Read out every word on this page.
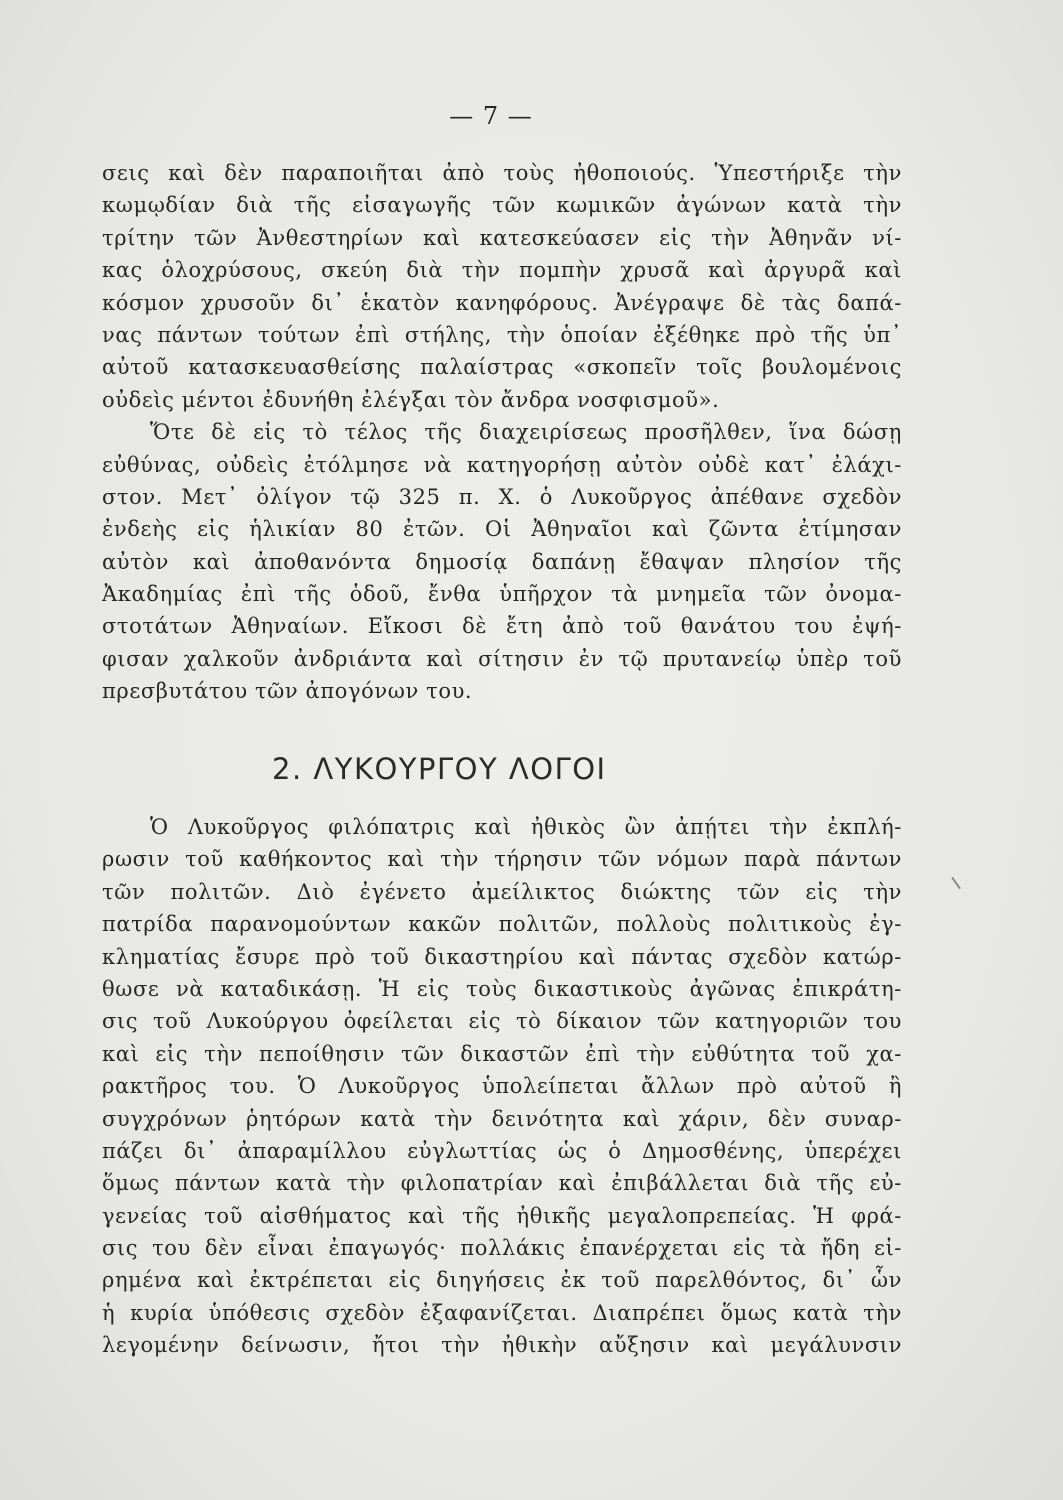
— 7 —
σεις καὶ δὲν παραποιῆται ἀπὸ τοὺς ἠθοποιούς. Ὑπεστήριξε τὴν
κωμῳδίαν διὰ τῆς εἰσαγωγῆς τῶν κωμικῶν ἀγώνων κατὰ τὴν
τρίτην τῶν Ἀνθεστηρίων καὶ κατεσκεύασεν εἰς τὴν Ἀθηνᾶν νί-
κας ὁλοχρύσους, σκεύη διὰ τὴν πομπὴν χρυσᾶ καὶ ἀργυρᾶ καὶ
κόσμον χρυσοῦν δι᾽ ἑκατὸν κανηφόρους. Ἀνέγραψε δὲ τὰς δαπά-
νας πάντων τούτων ἐπὶ στήλης, τὴν ὁποίαν ἐξέθηκε πρὸ τῆς ὑπ᾽
αὐτοῦ κατασκευασθείσης παλαίστρας «σκοπεῖν τοῖς βουλομένοις
οὐδεὶς μέντοι ἐδυνήθη ἐλέγξαι τὸν ἄνδρα νοσφισμοῦ».
Ὅτε δὲ εἰς τὸ τέλος τῆς διαχειρίσεως προσῆλθεν, ἵνα δώσῃ
εὐθύνας, οὐδεὶς ἐτόλμησε νὰ κατηγορήσῃ αὐτὸν οὐδὲ κατ᾽ ἐλάχι-
στον. Μετ᾽ ὀλίγον τῷ 325 π. Χ. ὁ Λυκοῦργος ἀπέθανε σχεδὸν
ἐνδεὴς εἰς ἡλικίαν 80 ἐτῶν. Οἱ Ἀθηναῖοι καὶ ζῶντα ἐτίμησαν
αὐτὸν καὶ ἀποθανόντα δημοσίᾳ δαπάνῃ ἔθαψαν πλησίον τῆς
Ἀκαδημίας ἐπὶ τῆς ὁδοῦ, ἔνθα ὑπῆρχον τὰ μνημεῖα τῶν ὀνομα-
στοτάτων Ἀθηναίων. Εἴκοσι δὲ ἔτη ἀπὸ τοῦ θανάτου του ἐψή-
φισαν χαλκοῦν ἀνδριάντα καὶ σίτησιν ἐν τῷ πρυτανείῳ ὑπὲρ τοῦ
πρεσβυτάτου τῶν ἀπογόνων του.
2. ΛΥΚΟΥΡΓΟΥ ΛΟΓΟΙ
Ὁ Λυκοῦργος φιλόπατρις καὶ ἠθικὸς ὢν ἀπῄτει τὴν ἐκπλή-
ρωσιν τοῦ καθήκοντος καὶ τὴν τήρησιν τῶν νόμων παρὰ πάντων
τῶν πολιτῶν. Διὸ ἐγένετο ἀμείλικτος διώκτης τῶν εἰς τὴν
πατρίδα παρανομούντων κακῶν πολιτῶν, πολλοὺς πολιτικοὺς ἐγ-
κληματίας ἔσυρε πρὸ τοῦ δικαστηρίου καὶ πάντας σχεδὸν κατώρ-
θωσε νὰ καταδικάσῃ. Ἡ εἰς τοὺς δικαστικοὺς ἀγῶνας ἐπικράτη-
σις τοῦ Λυκούργου ὀφείλεται εἰς τὸ δίκαιον τῶν κατηγοριῶν του
καὶ εἰς τὴν πεποίθησιν τῶν δικαστῶν ἐπὶ τὴν εὐθύτητα τοῦ χα-
ρακτῆρος του. Ὁ Λυκοῦργος ὑπολείπεται ἄλλων πρὸ αὐτοῦ ἢ
συγχρόνων ῥητόρων κατὰ τὴν δεινότητα καὶ χάριν, δὲν συναρ-
πάζει δι᾽ ἀπαραμίλλου εὐγλωττίας ὡς ὁ Δημοσθένης, ὑπερέχει
ὅμως πάντων κατὰ τὴν φιλοπατρίαν καὶ ἐπιβάλλεται διὰ τῆς εὐ-
γενείας τοῦ αἰσθήματος καὶ τῆς ἠθικῆς μεγαλοπρεπείας. Ἡ φρά-
σις του δὲν εἶναι ἐπαγωγός· πολλάκις ἐπανέρχεται εἰς τὰ ἤδη εἰ-
ρημένα καὶ ἐκτρέπεται εἰς διηγήσεις ἐκ τοῦ παρελθόντος, δι᾽ ὧν
ἡ κυρία ὑπόθεσις σχεδὸν ἐξαφανίζεται. Διαπρέπει ὅμως κατὰ τὴν
λεγομένην δείνωσιν, ἤτοι τὴν ἠθικὴν αὔξησιν καὶ μεγάλυνσιν
